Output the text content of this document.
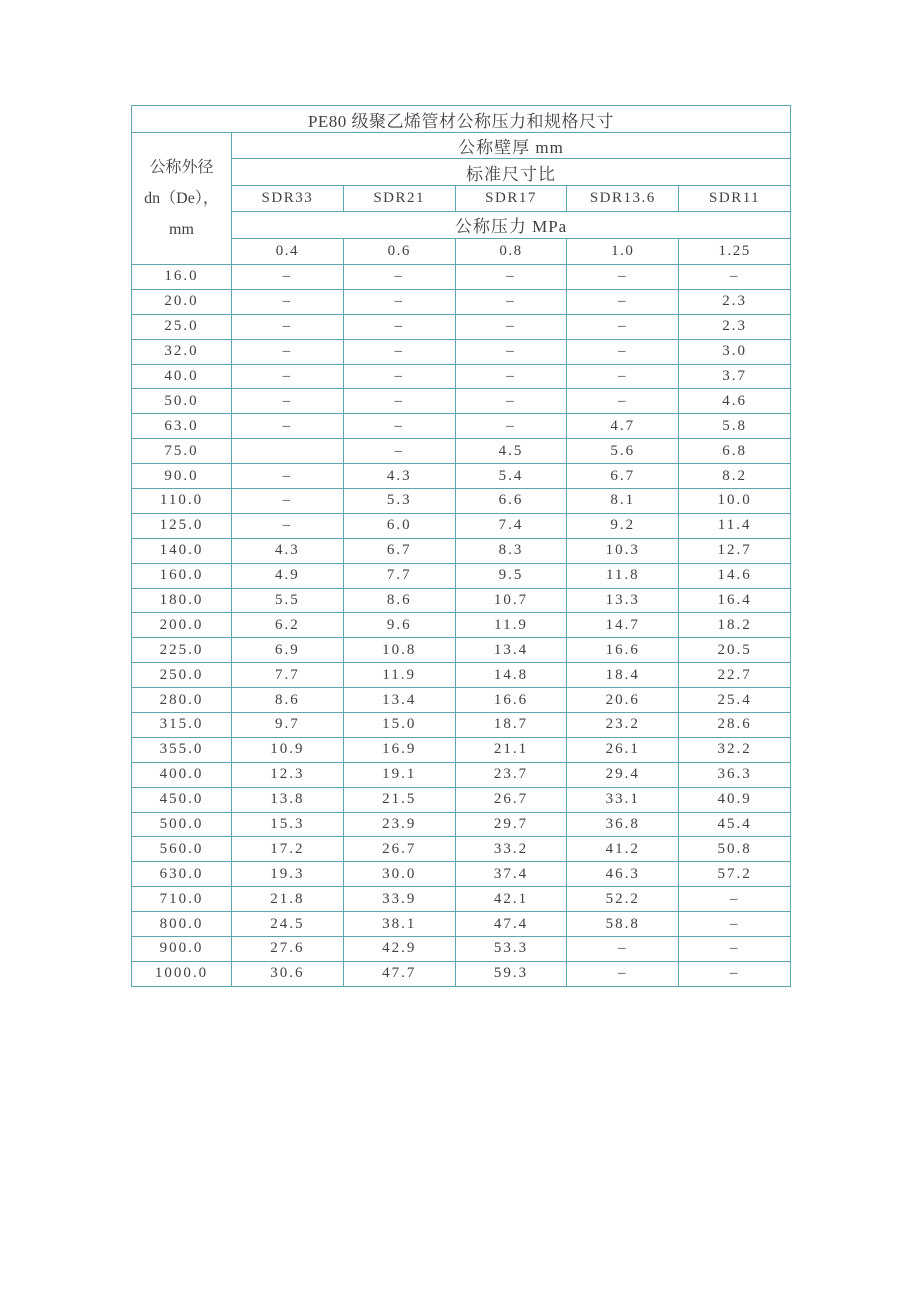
PE80 级聚乙烯管材公称压力和规格尺寸					

公称外径
dn（De），
mm	公称壁厚 mm				
	标准尺寸比				
	SDR33	SDR21	SDR17	SDR13.6	SDR11
	公称压力 MPa				
	0.4	0.6	0.8	1.0	1.25
16.0	–	–	–	–	–
20.0	–	–	–	–	2.3
25.0	–	–	–	–	2.3
32.0	–	–	–	–	3.0
40.0	–	–	–	–	3.7
50.0	–	–	–	–	4.6
63.0	–	–	–	4.7	5.8
75.0		–	4.5	5.6	6.8
90.0	–	4.3	5.4	6.7	8.2
110.0	–	5.3	6.6	8.1	10.0
125.0	–	6.0	7.4	9.2	11.4
140.0	4.3	6.7	8.3	10.3	12.7
160.0	4.9	7.7	9.5	11.8	14.6
180.0	5.5	8.6	10.7	13.3	16.4
200.0	6.2	9.6	11.9	14.7	18.2
225.0	6.9	10.8	13.4	16.6	20.5
250.0	7.7	11.9	14.8	18.4	22.7
280.0	8.6	13.4	16.6	20.6	25.4
315.0	9.7	15.0	18.7	23.2	28.6
355.0	10.9	16.9	21.1	26.1	32.2
400.0	12.3	19.1	23.7	29.4	36.3
450.0	13.8	21.5	26.7	33.1	40.9
500.0	15.3	23.9	29.7	36.8	45.4
560.0	17.2	26.7	33.2	41.2	50.8
630.0	19.3	30.0	37.4	46.3	57.2
710.0	21.8	33.9	42.1	52.2	–
800.0	24.5	38.1	47.4	58.8	–
900.0	27.6	42.9	53.3	–	–
1000.0	30.6	47.7	59.3	–	–
